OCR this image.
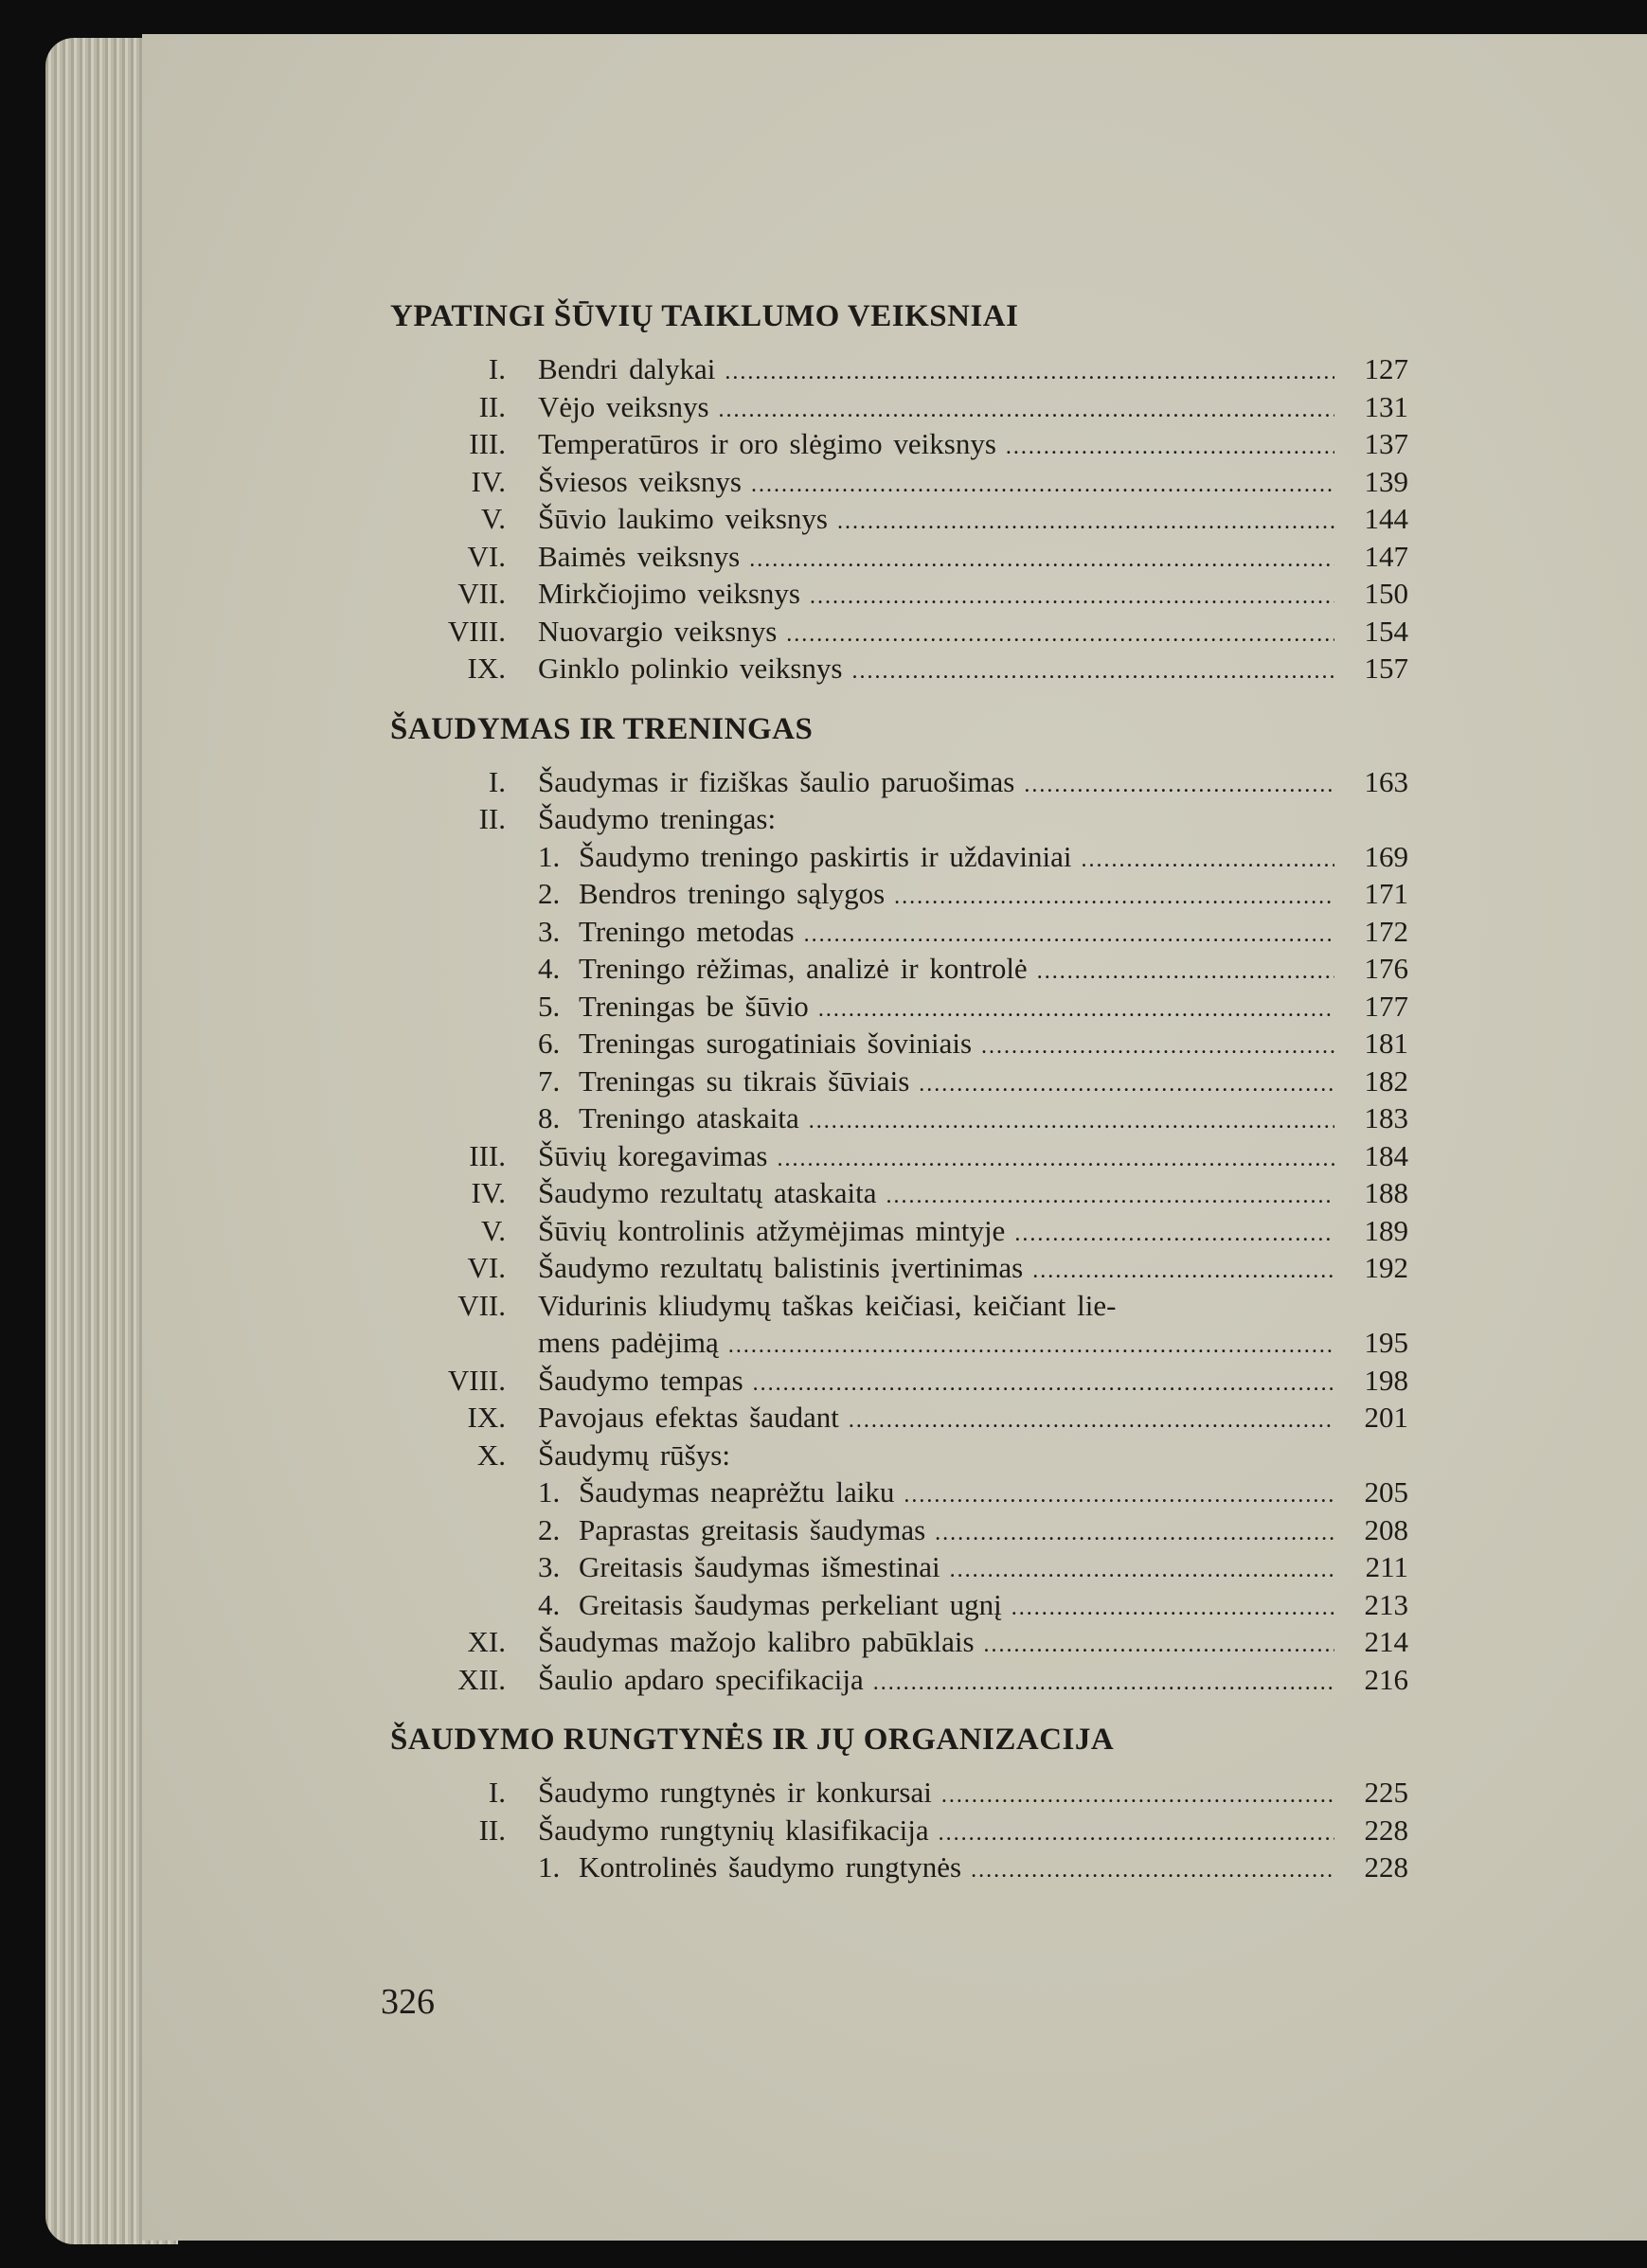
YPATINGI ŠŪVIŲ TAIKLUMO VEIKSNIAI
I. Bendri dalykai . . .	127
II. Vėjo veiksnys . . .	131
III. Temperatūros ir oro slėgimo veiksnys . . .	137
IV. Šviesos veiksnys . . .	139
V. Šūvio laukimo veiksnys . . .	144
VI. Baimės veiksnys . . .	147
VII. Mirkčiojimo veiksnys . . .	150
VIII. Nuovargio veiksnys . . .	154
IX. Ginklo polinkio veiksnys . . .	157
ŠAUDYMAS IR TRENINGAS
I. Šaudymas ir fiziškas šaulio paruošimas . . .	163
II. Šaudymo treningas:
1. Šaudymo treningo paskirtis ir uždaviniai . . .	169
2. Bendros treningo sąlygos . . .	171
3. Treningo metodas . . .	172
4. Treningo rėžimas, analizė ir kontrolė . . .	176
5. Treningas be šūvio . . .	177
6. Treningas surogatiniais šoviniais . . .	181
7. Treningas su tikrais šūviais . . .	182
8. Treningo ataskaita . . .	183
III. Šūvių koregavimas . . .	184
IV. Šaudymo rezultatų ataskaita . . .	188
V. Šūvių kontrolinis atžymėjimas mintyje . . .	189
VI. Šaudymo rezultatų balistinis įvertinimas . . .	192
VII. Vidurinis kliudymų taškas keičiasi, keičiant lie-
mens padėjimą . . .	195
VIII. Šaudymo tempas . . .	198
IX. Pavojaus efektas šaudant . . .	201
X. Šaudymų rūšys:
1. Šaudymas neaprėžtu laiku . . .	205
2. Paprastas greitasis šaudymas . . .	208
3. Greitasis šaudymas išmestinai . . .	211
4. Greitasis šaudymas perkeliant ugnį . . .	213
XI. Šaudymas mažojo kalibro pabūklais . . .	214
XII. Šaulio apdaro specifikacija . . .	216
ŠAUDYMO RUNGTYNĖS IR JŲ ORGANIZACIJA
I. Šaudymo rungtynės ir konkursai . . .	225
II. Šaudymo rungtynių klasifikacija . . .	228
1. Kontrolinės šaudymo rungtynės . . .	228
326
